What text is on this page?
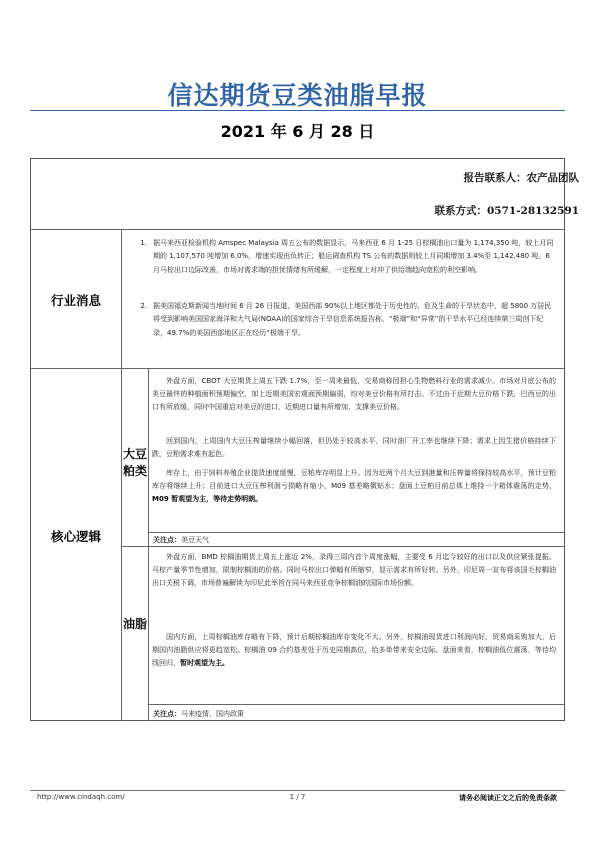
信达期货豆类油脂早报
2021 年 6 月 28 日
报告联系人：农产品团队
联系方式：0571-28132591
行业消息
1. 据马来西亚检验机构 Amspec Malaysia 周五公布的数据显示，马来西亚 6 月 1-25 日棕榈油出口量为 1,174,350 吨，较上月同期的 1,107,570 吨增加 6.0%，增速实现由负转正；船运调查机构 TS 公布的数据则较上月同期增加 3.4%至 1,142,480 吨。6 月马棕出口边际改善，市场对需求端的担忧情绪有所缓解，一定程度上对冲了供给端趋向宽松的利空影响。
2. 据美国福克斯新闻当地时间 6 月 26 日报道，美国西部 90%以上地区都处于历史性的、危及生命的干旱状态中，超 5800 万居民将受到影响美国国家海洋和大气局(NOAA)的国家综合干旱信息系统报告称，“极端”和“异常”的干旱水平已经连续第三周创下纪录，49.7%的美国西部地区正在经历“极端干旱。
核心逻辑
大豆粕类
外盘方面，CBOT 大豆期货上周五下跌 1.7%，至一周来最低，交易商称因担心生物燃料行业的需求减少。市场对月底公布的美豆最终的种植面积预期偏空，加上近期美国宏观面预期偏弱，均对美豆价格有所打击。不过由于近期大豆价格下跌，巴西豆的出口有所放缓，同时中国重启对美豆的进口，近期进口量有所增加，支撑美豆价格。
回到国内，上周国内大豆压榨量继续小幅回落，但仍处于较高水平，同时油厂开工率也继续下降；需求上因生猪价格持续下跌，豆粕需求难有起色。
库存上，由于饲料养殖企业提货速度缓慢，豆粕库存明显上升。因为近两个月大豆到港量和压榨量将保持较高水平，预计豆粕库存将继续上升；目前进口大豆压榨利润亏损略有缩小，M09 基差略微贴水；盘面上豆粕目前总体上维持一个箱体震荡的走势，M09 暂观望为主，等待走势明朗。
关注点：美豆天气
油脂
外盘方面，BMD 棕榈油期货上周五上涨近 2%，录得三周内首个周度涨幅，主要受 6 月迄今较好的出口以及供应紧张提振。马棕产量季节性增加，限制棕榈油的价格。同时马棕出口弹幅有所缩窄，显示需求有所好转。另外，印尼周一宣布将该国毛棕榈油出口关税下调，市场普遍解读为印尼此举旨在同马来西亚竞争棕榈油的国际市场份额。
国内方面，上周棕榈油库存略有下降，预计后期棕榈油库存变化不大。另外，棕榈油现货进口利润向好，贸易商采购加大，后期国内油脂供应将更趋宽松。棕榈油 09 合约基差处于历史同期高位，给多单带来安全边际。盘面来看，棕榈油低位震荡，等待均线回归，暂时观望为主。
关注点：马来疫情、国内政策
http://www.cindaqh.com/	1 / 7	请务必阅读正文之后的免责条款
